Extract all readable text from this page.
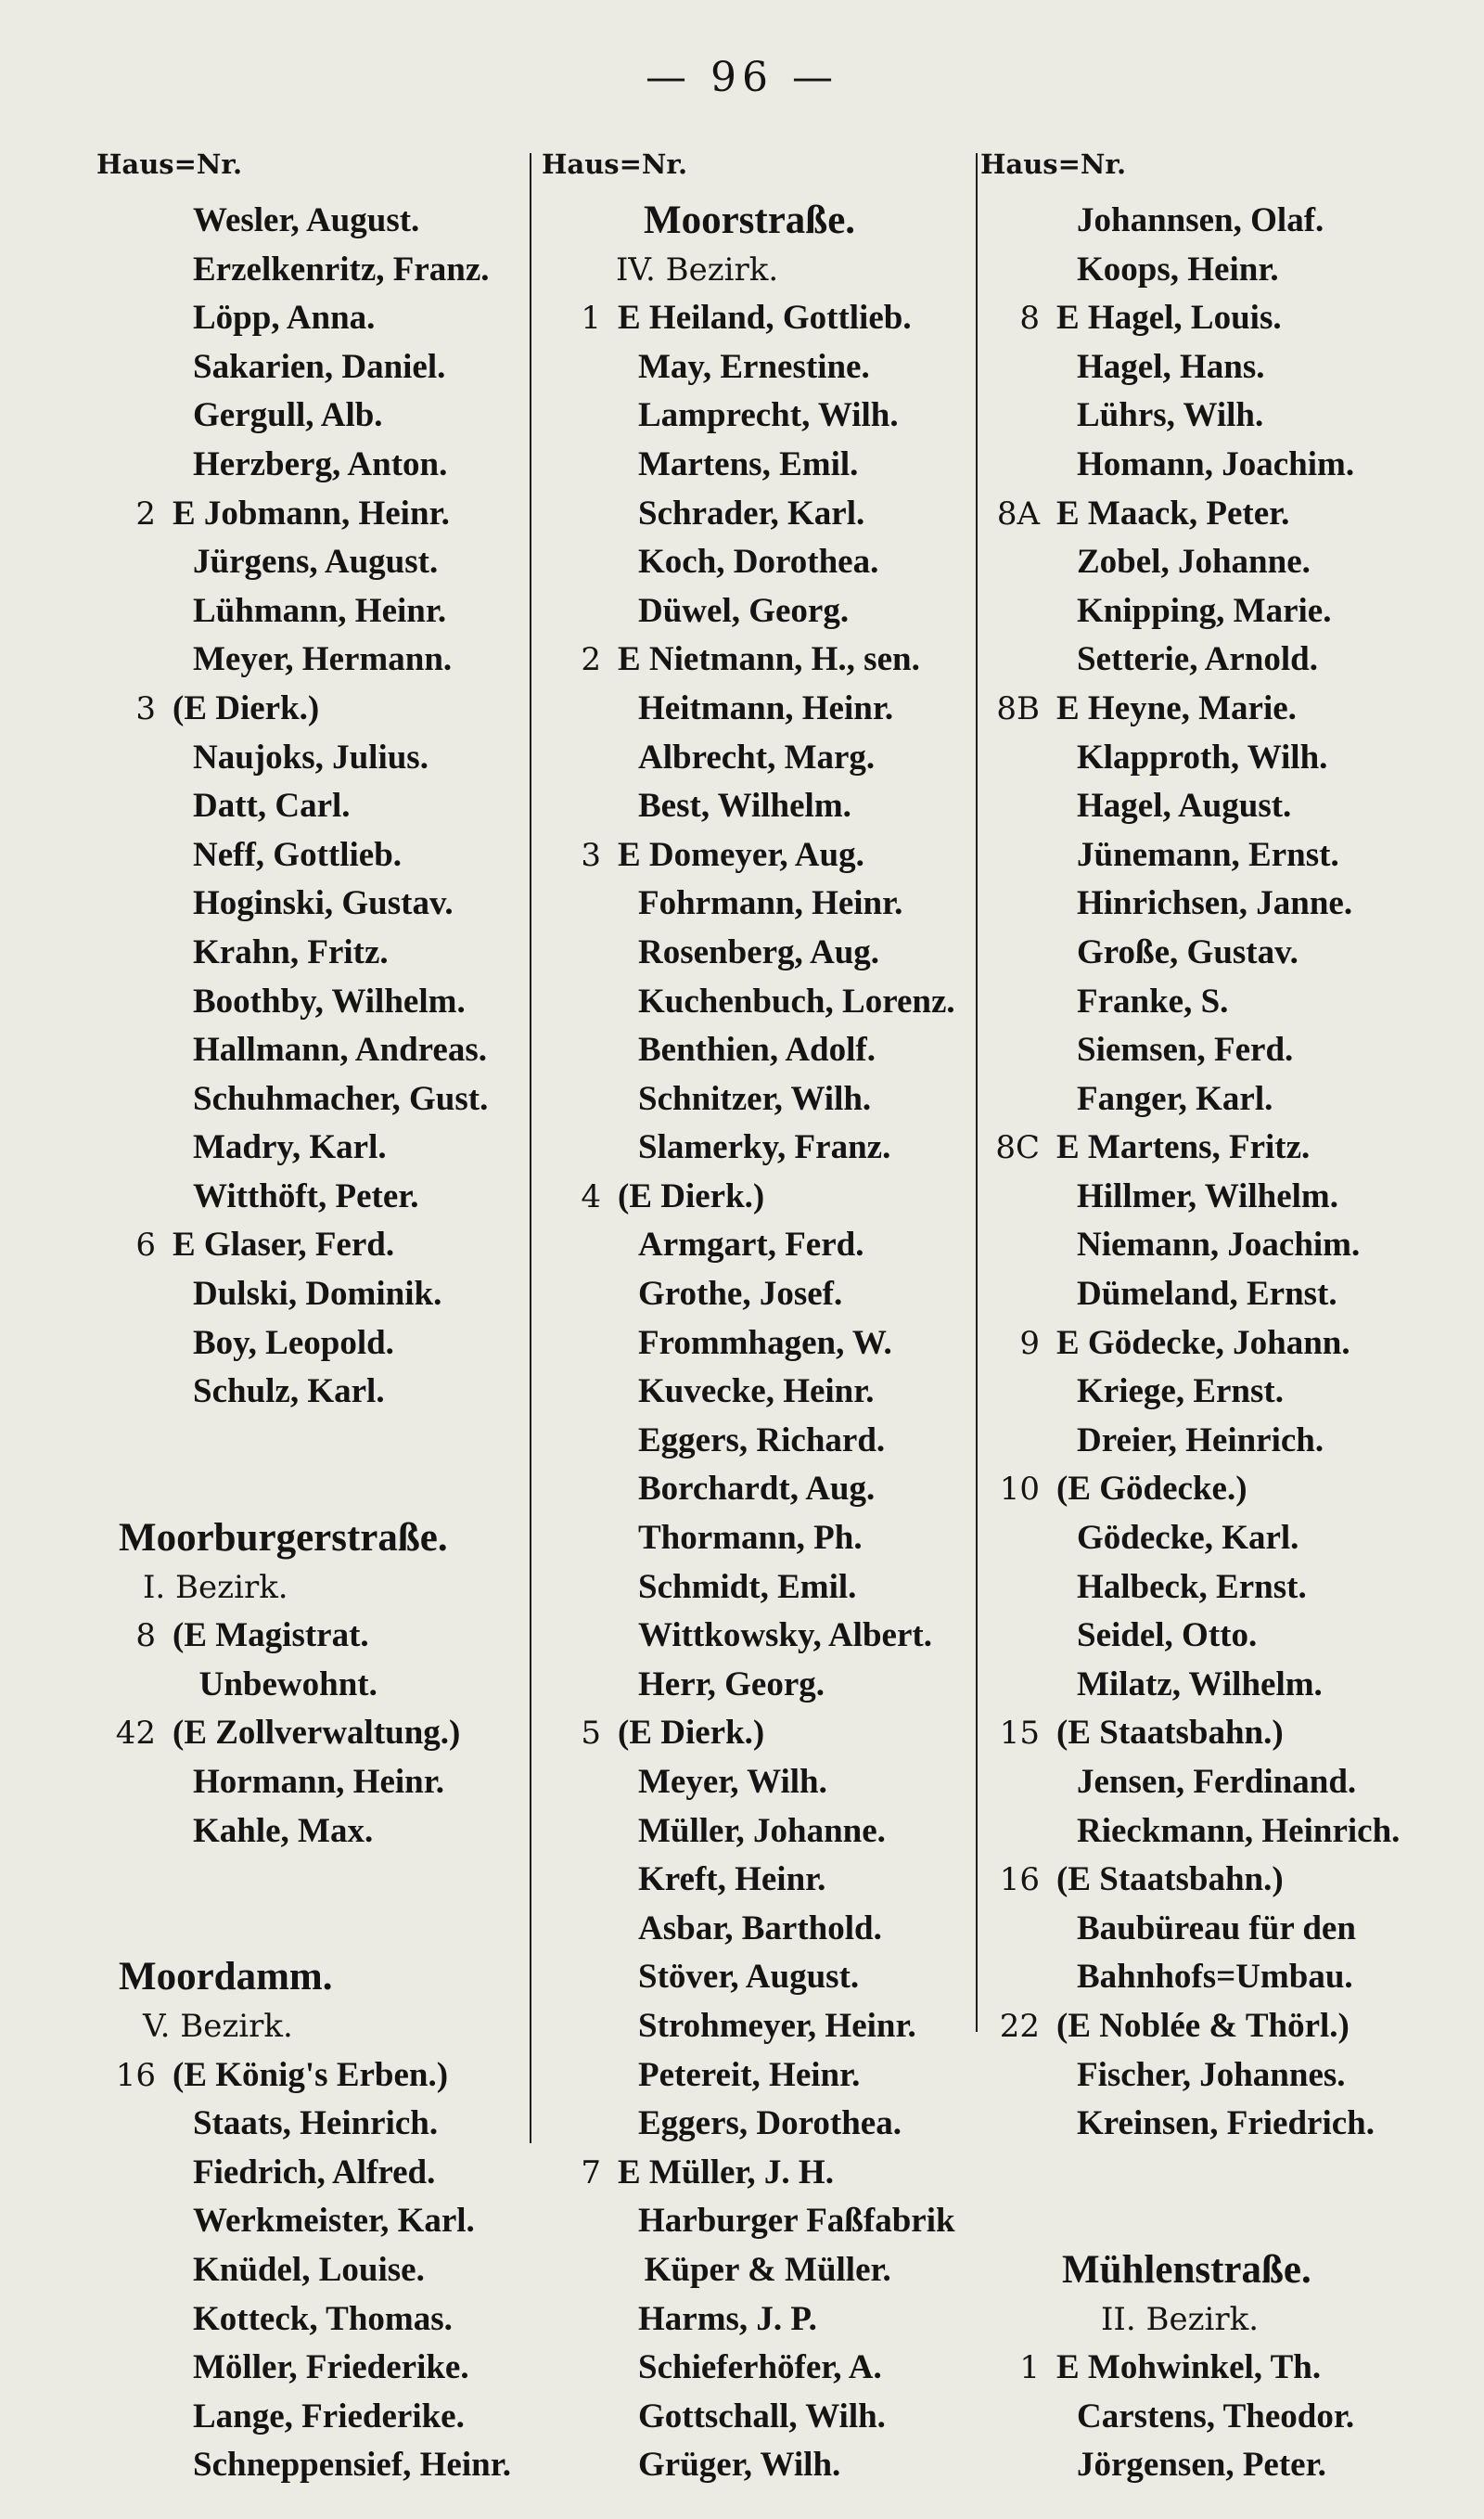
— 96 —
Haus=Nr.
Wesler, August.
Erzelkenritz, Franz.
Löpp, Anna.
Sakarien, Daniel.
Gergull, Alb.
Herzberg, Anton.
2 E Jobmann, Heinr.
Jürgens, August.
Lühmann, Heinr.
Meyer, Hermann.
3 (E Dierk.)
Naujoks, Julius.
Datt, Carl.
Neff, Gottlieb.
Hoginski, Gustav.
Krahn, Fritz.
Boothby, Wilhelm.
Hallmann, Andreas.
Schuhmacher, Gust.
Madry, Karl.
Witthöft, Peter.
6 E Glaser, Ferd.
Dulski, Dominik.
Boy, Leopold.
Schulz, Karl.
Moorburgerstraße.
I. Bezirk.
8 (E Magistrat.
Unbewohnt.
42 (E Zollverwaltung.)
Hormann, Heinr.
Kahle, Max.
Moordamm.
V. Bezirk.
16 (E König's Erben.)
Staats, Heinrich.
Fiedrich, Alfred.
Werkmeister, Karl.
Knüdel, Louise.
Kotteck, Thomas.
Möller, Friederike.
Lange, Friederike.
Schneppensief, Heinr.
Haus=Nr.
Moorstraße.
IV. Bezirk.
1 E Heiland, Gottlieb.
May, Ernestine.
Lamprecht, Wilh.
Martens, Emil.
Schrader, Karl.
Koch, Dorothea.
Düwel, Georg.
2 E Nietmann, H., sen.
Heitmann, Heinr.
Albrecht, Marg.
Best, Wilhelm.
3 E Domeyer, Aug.
Fohrmann, Heinr.
Rosenberg, Aug.
Kuchenbuch, Lorenz.
Benthien, Adolf.
Schnitzer, Wilh.
Slamerky, Franz.
4 (E Dierk.)
Armgart, Ferd.
Grothe, Josef.
Frommhagen, W.
Kuvecke, Heinr.
Eggers, Richard.
Borchardt, Aug.
Thormann, Ph.
Schmidt, Emil.
Wittkowsky, Albert.
Herr, Georg.
5 (E Dierk.)
Meyer, Wilh.
Müller, Johanne.
Kreft, Heinr.
Asbar, Barthold.
Stöver, August.
Strohmeyer, Heinr.
Petereit, Heinr.
Eggers, Dorothea.
7 E Müller, J. H.
Harburger Faßfabrik
Küper & Müller.
Harms, J. P.
Schieferhöfer, A.
Gottschall, Wilh.
Grüger, Wilh.
Haus=Nr.
Johannsen, Olaf.
Koops, Heinr.
8 E Hagel, Louis.
Hagel, Hans.
Lührs, Wilh.
Homann, Joachim.
8A E Maack, Peter.
Zobel, Johanne.
Knipping, Marie.
Setterie, Arnold.
8B E Heyne, Marie.
Klapproth, Wilh.
Hagel, August.
Jünemann, Ernst.
Hinrichsen, Janne.
Große, Gustav.
Franke, S.
Siemsen, Ferd.
Fanger, Karl.
8C E Martens, Fritz.
Hillmer, Wilhelm.
Niemann, Joachim.
Dümeland, Ernst.
9 E Gödecke, Johann.
Kriege, Ernst.
Dreier, Heinrich.
10 (E Gödecke.)
Gödecke, Karl.
Halbeck, Ernst.
Seidel, Otto.
Milatz, Wilhelm.
15 (E Staatsbahn.)
Jensen, Ferdinand.
Rieckmann, Heinrich.
16 (E Staatsbahn.)
Baubüreau für den
Bahnhofs=Umbau.
22 (E Noblée & Thörl.)
Fischer, Johannes.
Kreinsen, Friedrich.
Mühlenstraße.
II. Bezirk.
1 E Mohwinkel, Th.
Carstens, Theodor.
Jörgensen, Peter.
